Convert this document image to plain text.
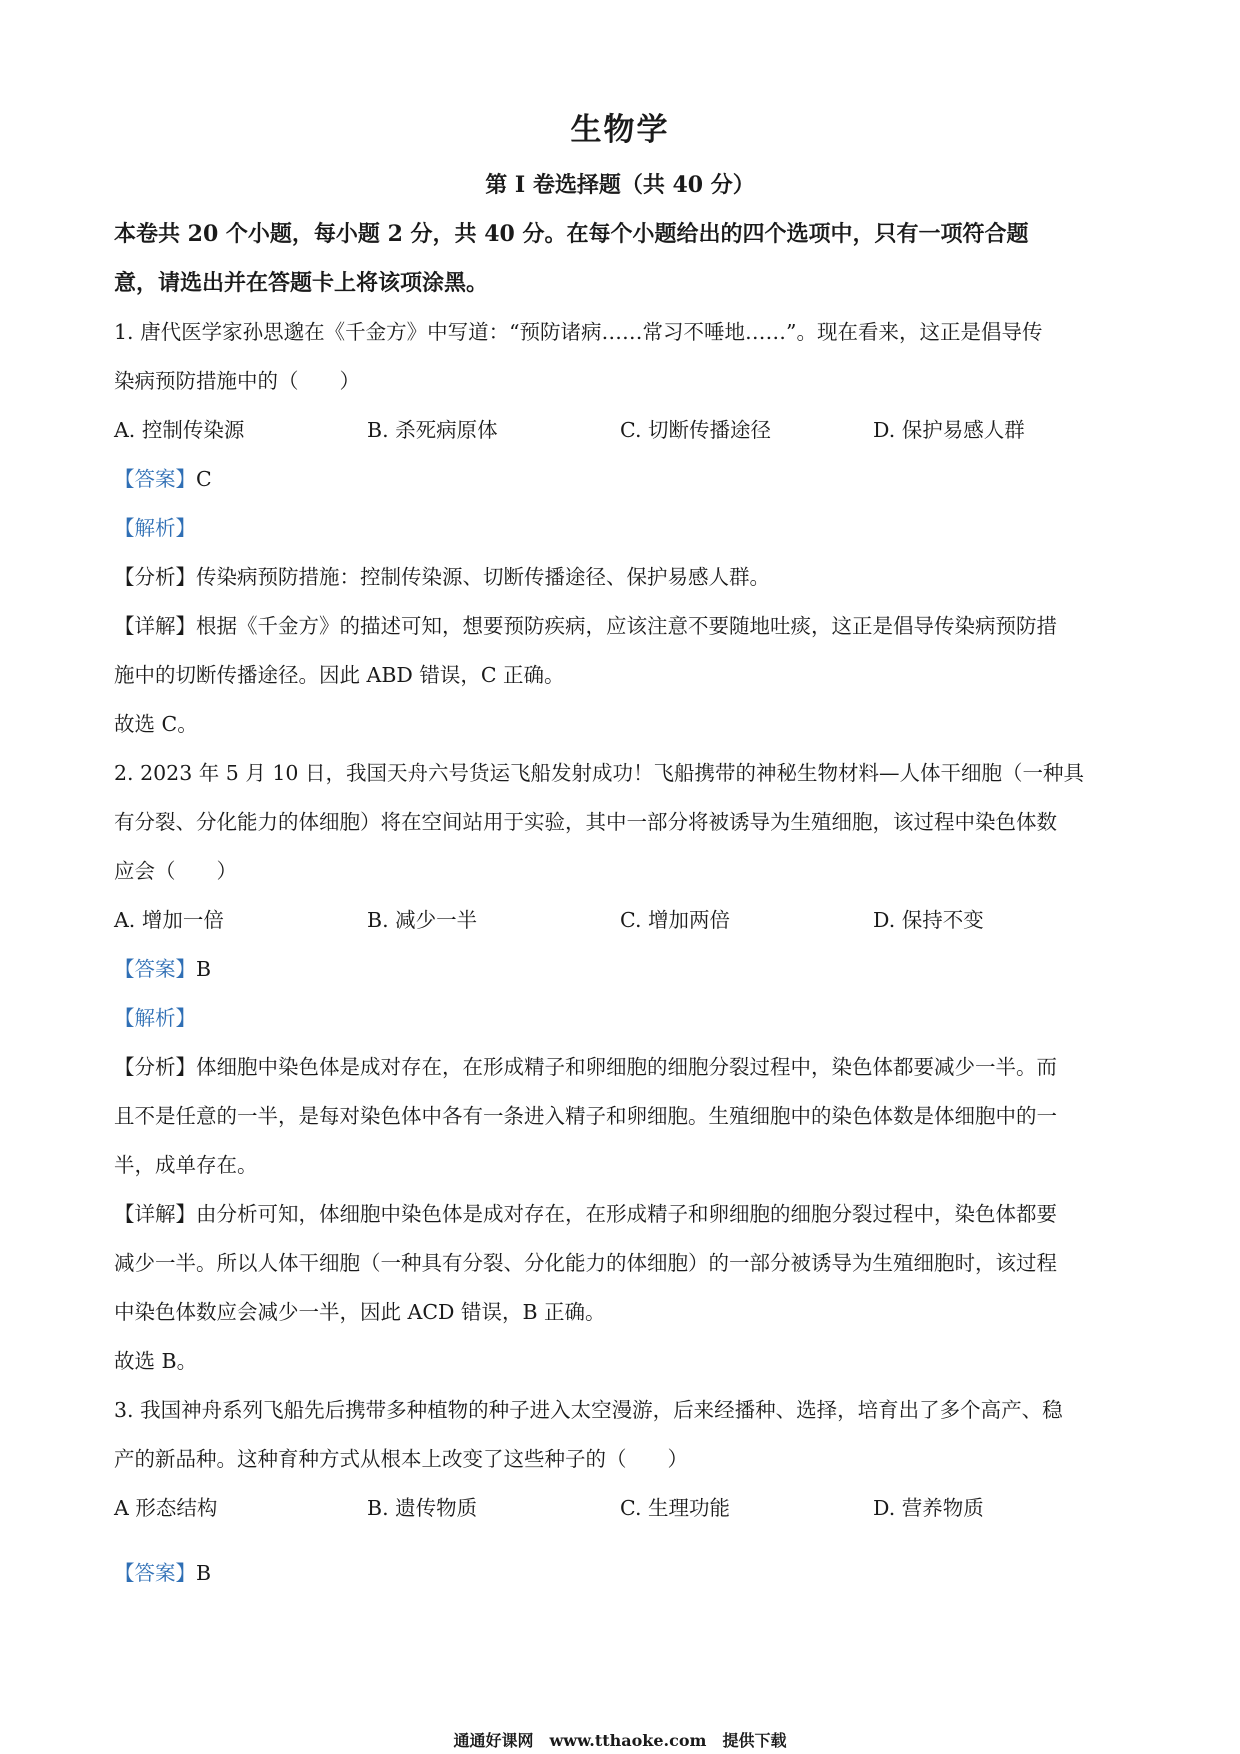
生物学
第 I 卷选择题（共 40 分）
本卷共 20 个小题，每小题 2 分，共 40 分。在每个小题给出的四个选项中，只有一项符合题
意，请选出并在答题卡上将该项涂黑。
1. 唐代医学家孙思邈在《千金方》中写道：“预防诸病……常习不唾地……”。现在看来，这正是倡导传
染病预防措施中的（　　）
A. 控制传染源	B. 杀死病原体	C. 切断传播途径	D. 保护易感人群
【答案】C
【解析】
【分析】传染病预防措施：控制传染源、切断传播途径、保护易感人群。
【详解】根据《千金方》的描述可知，想要预防疾病，应该注意不要随地吐痰，这正是倡导传染病预防措
施中的切断传播途径。因此 ABD 错误，C 正确。
故选 C。
2. 2023 年 5 月 10 日，我国天舟六号货运飞船发射成功！飞船携带的神秘生物材料—人体干细胞（一种具
有分裂、分化能力的体细胞）将在空间站用于实验，其中一部分将被诱导为生殖细胞，该过程中染色体数
应会（　　）
A. 增加一倍	B. 减少一半	C. 增加两倍	D. 保持不变
【答案】B
【解析】
【分析】体细胞中染色体是成对存在，在形成精子和卵细胞的细胞分裂过程中，染色体都要减少一半。而
且不是任意的一半，是每对染色体中各有一条进入精子和卵细胞。生殖细胞中的染色体数是体细胞中的一
半，成单存在。
【详解】由分析可知，体细胞中染色体是成对存在，在形成精子和卵细胞的细胞分裂过程中，染色体都要
减少一半。所以人体干细胞（一种具有分裂、分化能力的体细胞）的一部分被诱导为生殖细胞时，该过程
中染色体数应会减少一半，因此 ACD 错误，B 正确。
故选 B。
3. 我国神舟系列飞船先后携带多种植物的种子进入太空漫游，后来经播种、选择，培育出了多个高产、稳
产的新品种。这种育种方式从根本上改变了这些种子的（　　）
A 形态结构	B. 遗传物质	C. 生理功能	D. 营养物质
【答案】B
通通好课网　www.tthaoke.com　提供下载
